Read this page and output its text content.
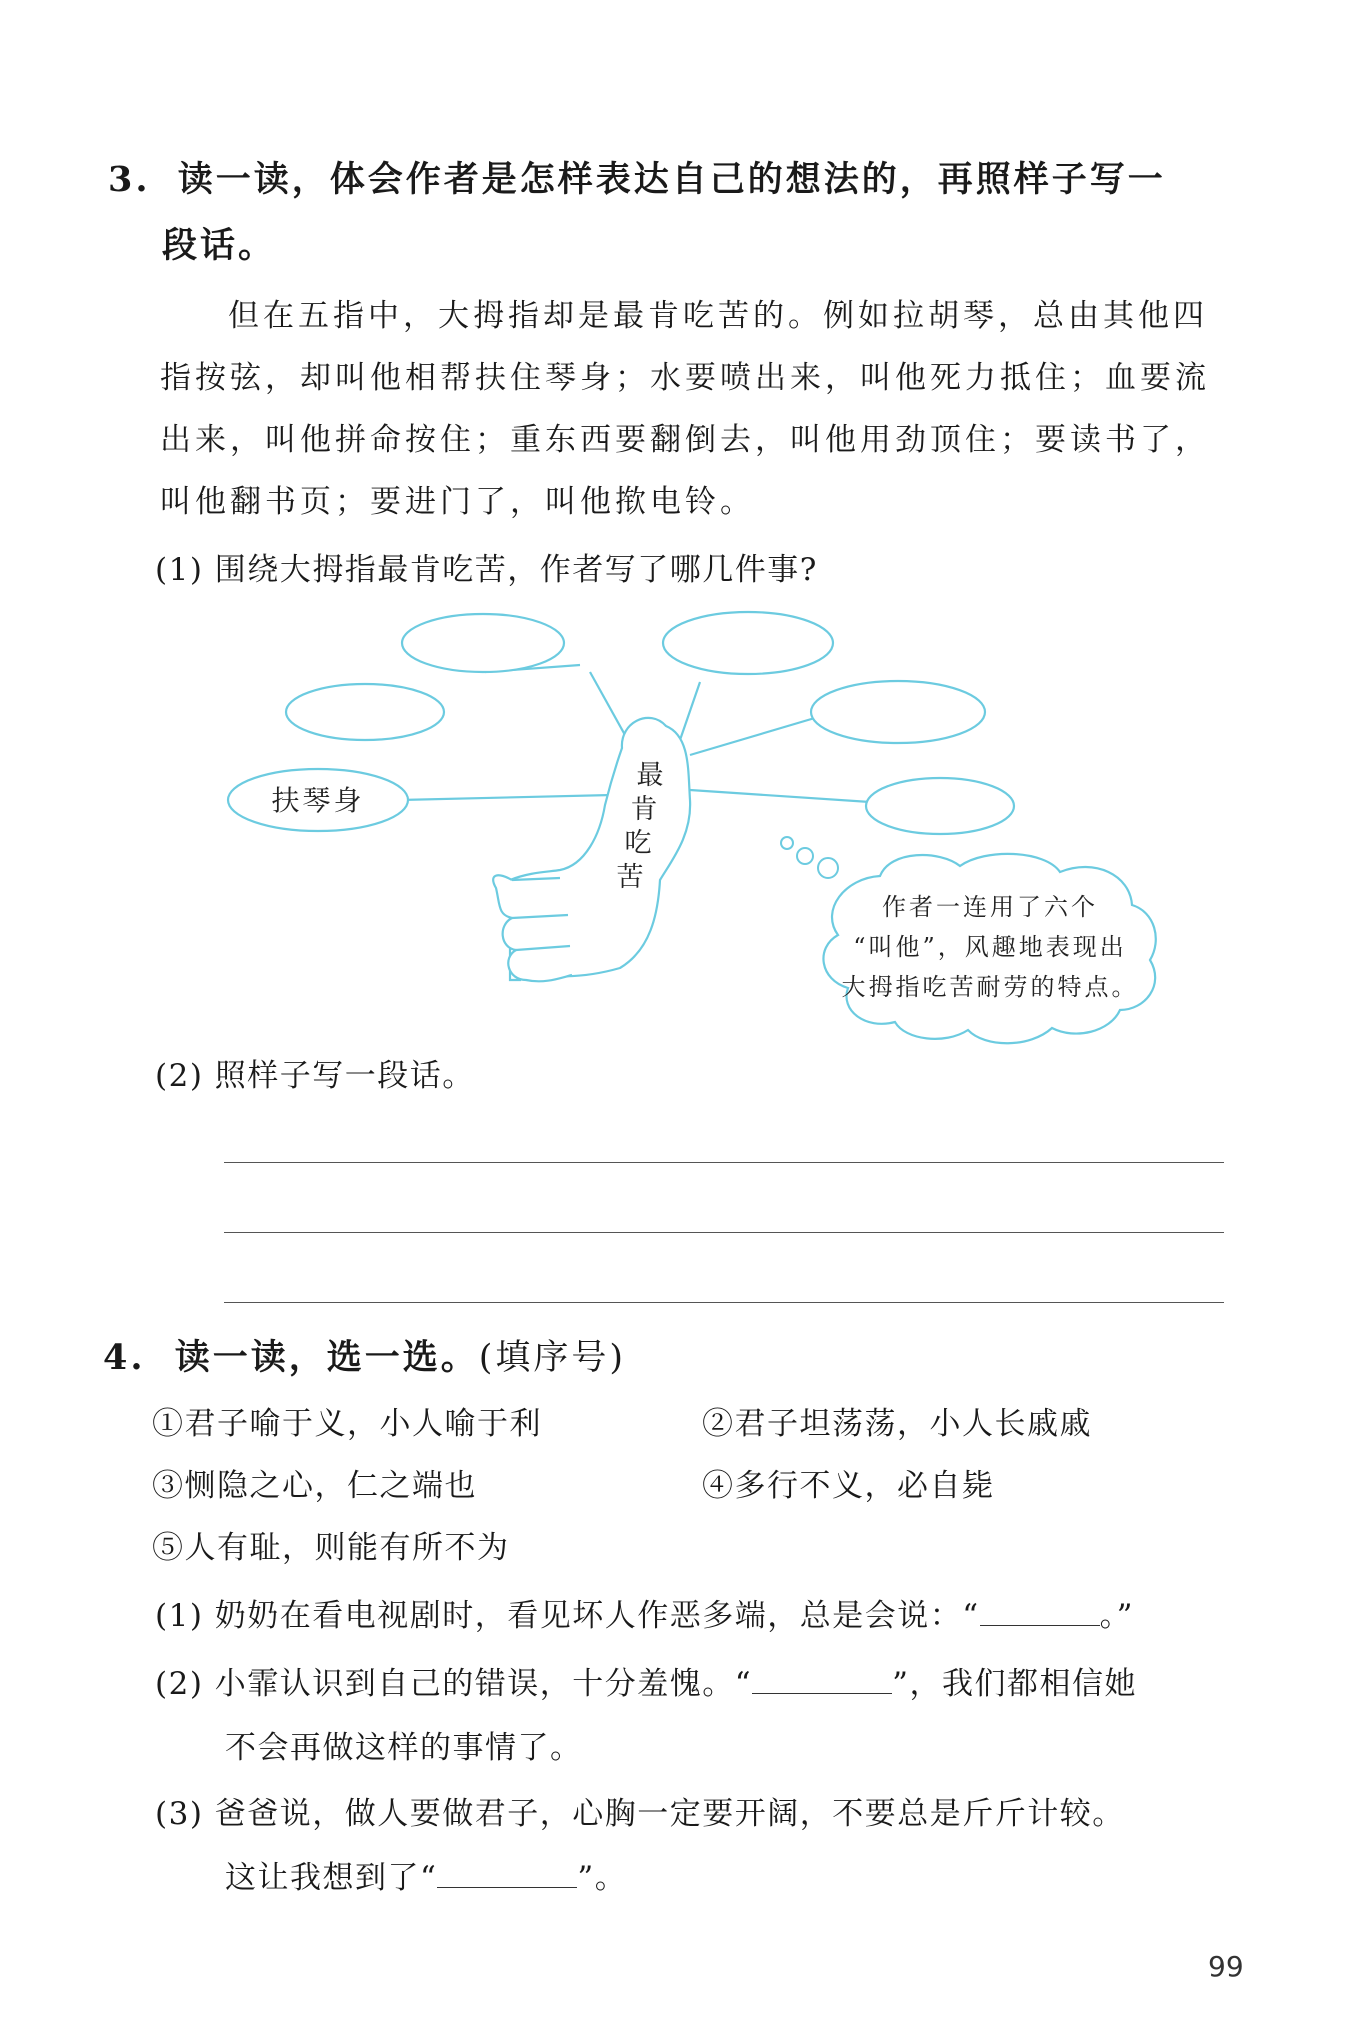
3. 读一读，体会作者是怎样表达自己的想法的，再照样子写一
段话。
但在五指中，大拇指却是最肯吃苦的。例如拉胡琴，总由其他四
指按弦，却叫他相帮扶住琴身；水要喷出来，叫他死力抵住；血要流
出来，叫他拼命按住；重东西要翻倒去，叫他用劲顶住；要读书了，
叫他翻书页；要进门了，叫他揿电铃。
(1) 围绕大拇指最肯吃苦，作者写了哪几件事?
最
肯
吃
苦
扶琴身
作者一连用了六个
“叫他”，风趣地表现出
大拇指吃苦耐劳的特点。
(2) 照样子写一段话。
4. 读一读，选一选。(填序号)
①君子喻于义，小人喻于利	②君子坦荡荡，小人长戚戚
③恻隐之心，仁之端也	④多行不义，必自毙
⑤人有耻，则能有所不为
(1) 奶奶在看电视剧时，看见坏人作恶多端，总是会说：“	。”
(2) 小霏认识到自己的错误，十分羞愧。“	”，我们都相信她
不会再做这样的事情了。
(3) 爸爸说，做人要做君子，心胸一定要开阔，不要总是斤斤计较。
这让我想到了“	”。
99
